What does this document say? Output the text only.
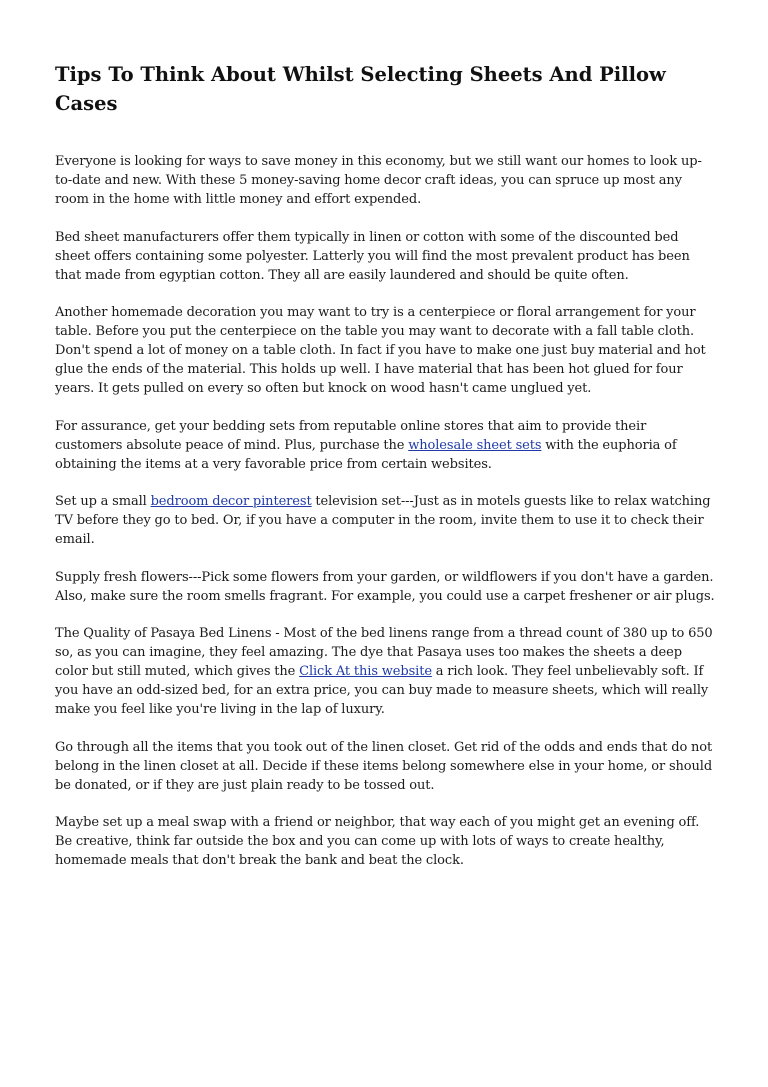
Tips To Think About Whilst Selecting Sheets And Pillow Cases

Everyone is looking for ways to save money in this economy, but we still want our homes to look up-to-date and new. With these 5 money-saving home decor craft ideas, you can spruce up most any room in the home with little money and effort expended.

Bed sheet manufacturers offer them typically in linen or cotton with some of the discounted bed sheet offers containing some polyester. Latterly you will find the most prevalent product has been that made from egyptian cotton. They all are easily laundered and should be quite often.

Another homemade decoration you may want to try is a centerpiece or floral arrangement for your table. Before you put the centerpiece on the table you may want to decorate with a fall table cloth. Don't spend a lot of money on a table cloth. In fact if you have to make one just buy material and hot glue the ends of the material. This holds up well. I have material that has been hot glued for four years. It gets pulled on every so often but knock on wood hasn't came unglued yet.

For assurance, get your bedding sets from reputable online stores that aim to provide their customers absolute peace of mind. Plus, purchase the wholesale sheet sets with the euphoria of obtaining the items at a very favorable price from certain websites.

Set up a small bedroom decor pinterest television set---Just as in motels guests like to relax watching TV before they go to bed. Or, if you have a computer in the room, invite them to use it to check their email.

Supply fresh flowers---Pick some flowers from your garden, or wildflowers if you don't have a garden. Also, make sure the room smells fragrant. For example, you could use a carpet freshener or air plugs.

The Quality of Pasaya Bed Linens - Most of the bed linens range from a thread count of 380 up to 650 so, as you can imagine, they feel amazing. The dye that Pasaya uses too makes the sheets a deep color but still muted, which gives the Click At this website a rich look. They feel unbelievably soft. If you have an odd-sized bed, for an extra price, you can buy made to measure sheets, which will really make you feel like you're living in the lap of luxury.

Go through all the items that you took out of the linen closet. Get rid of the odds and ends that do not belong in the linen closet at all. Decide if these items belong somewhere else in your home, or should be donated, or if they are just plain ready to be tossed out.

Maybe set up a meal swap with a friend or neighbor, that way each of you might get an evening off. Be creative, think far outside the box and you can come up with lots of ways to create healthy, homemade meals that don't break the bank and beat the clock.
